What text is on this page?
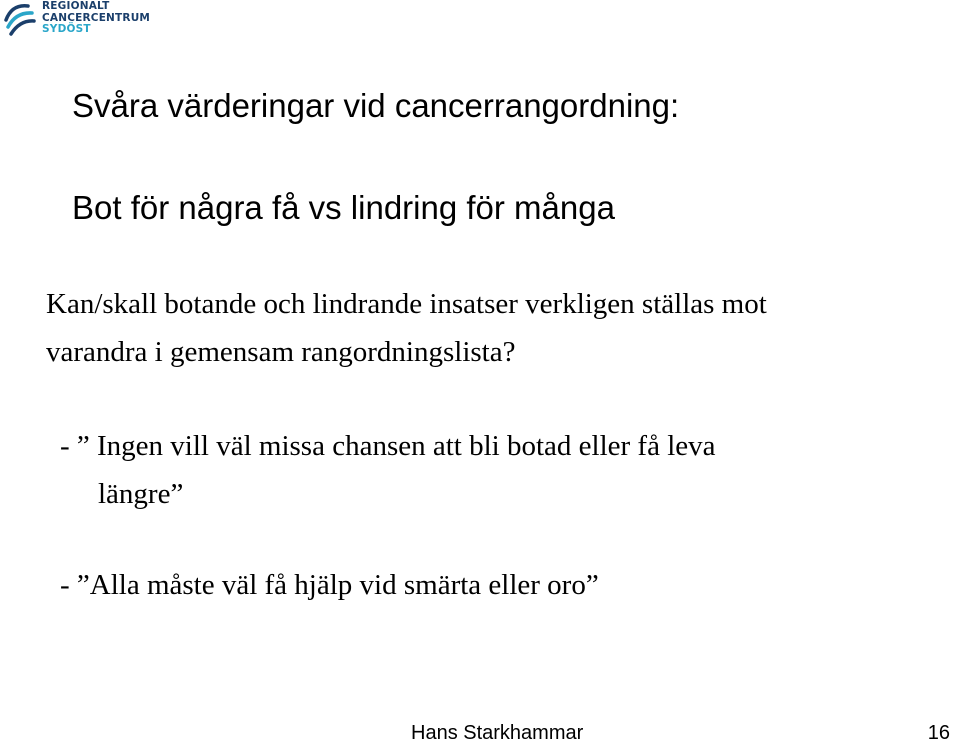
REGIONALT
CANCERCENTRUM
SYDÖST
Svåra värderingar vid cancerrangordning:
Bot för några få vs lindring för många
Kan/skall botande och lindrande insatser verkligen ställas mot
varandra i gemensam rangordningslista?
- ” Ingen vill väl missa chansen att bli botad eller få leva
längre”
- ”Alla måste väl få hjälp vid smärta eller oro”
Hans Starkhammar	16
